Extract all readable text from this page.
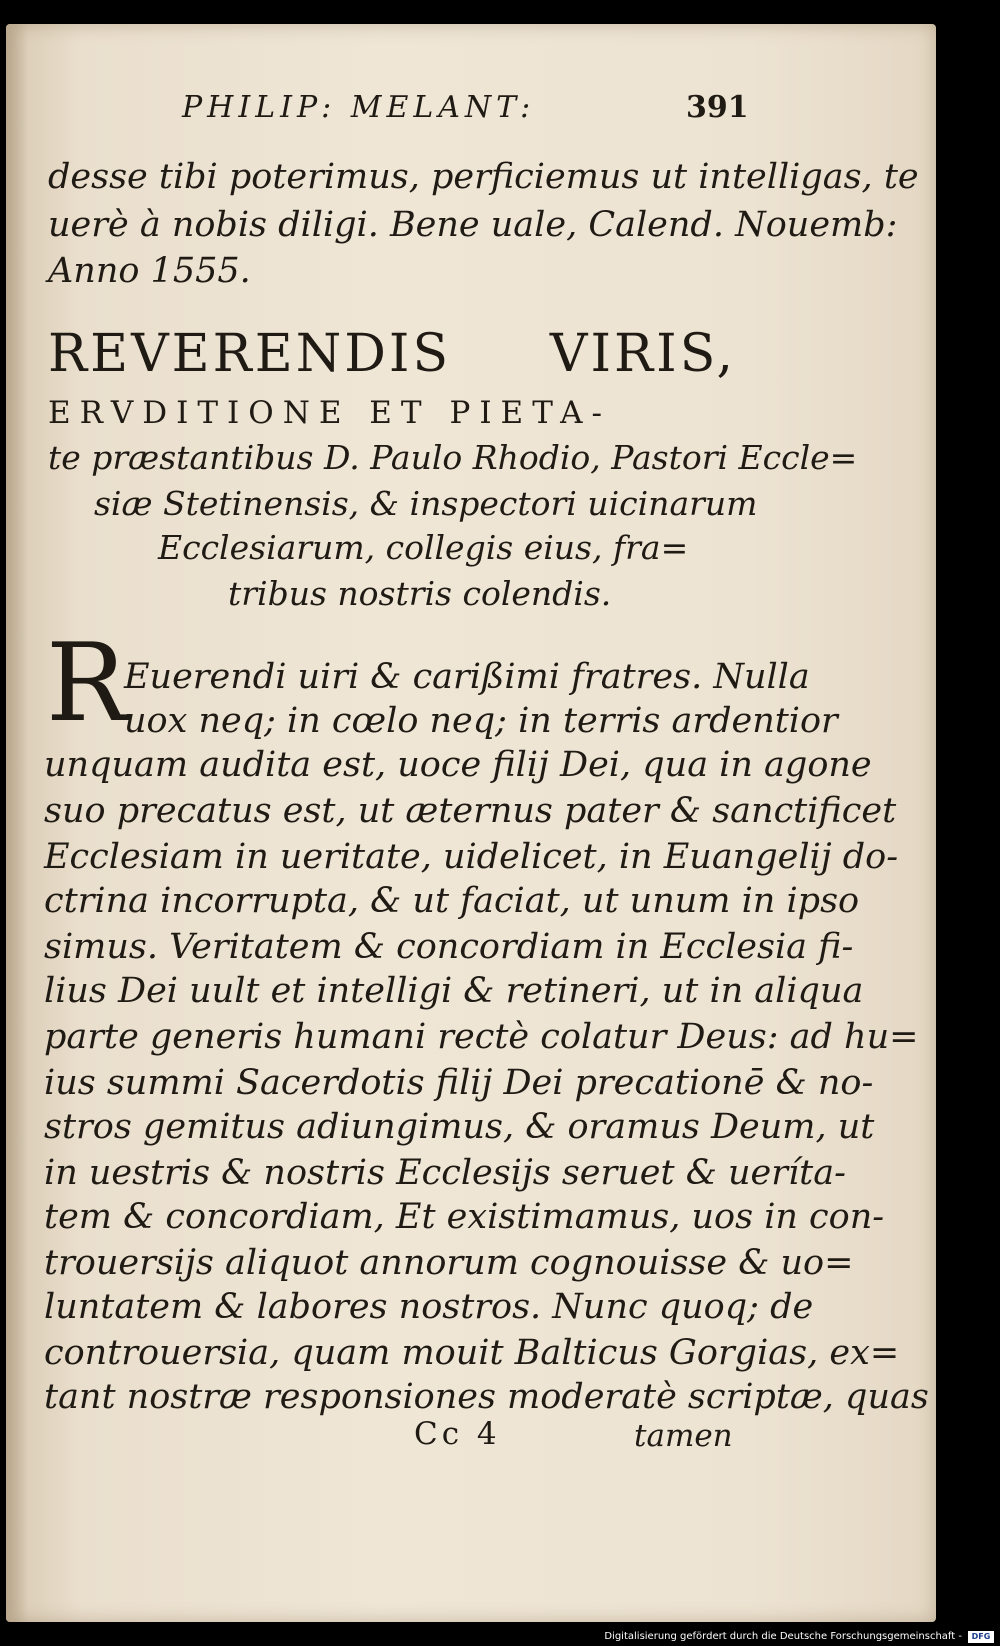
PHILIP: MELANT:	391
desse tibi poterimus, perficiemus ut intelligas, te
uerè à nobis diligi. Bene uale, Calend. Nouemb:
Anno 1555.
REVERENDIS VIRIS,
ERVDITIONE ET PIETA-
te præstantibus D. Paulo Rhodio, Pastori Eccle=
siæ Stetinensis, & inspectori uicinarum
Ecclesiarum, collegis eius, fra=
tribus nostris colendis.
R
Euerendi uiri & carißimi fratres. Nulla
uox neq; in cœlo neq; in terris ardentior
unquam audita est, uoce filij Dei, qua in agone
suo precatus est, ut æternus pater & sanctificet
Ecclesiam in ueritate, uidelicet, in Euangelij do-
ctrina incorrupta, & ut faciat, ut unum in ipso
simus. Veritatem & concordiam in Ecclesia fi-
lius Dei uult et intelligi & retineri, ut in aliqua
parte generis humani rectè colatur Deus: ad hu=
ius summi Sacerdotis filij Dei precationē & no-
stros gemitus adiungimus, & oramus Deum, ut
in uestris & nostris Ecclesijs seruet & ueríta-
tem & concordiam, Et existimamus, uos in con-
trouersijs aliquot annorum cognouisse & uo=
luntatem & labores nostros. Nunc quoq; de
controuersia, quam mouit Balticus Gorgias, ex=
tant nostræ responsiones moderatè scriptæ, quas
Cc 4	tamen
Digitalisierung gefördert durch die Deutsche Forschungsgemeinschaft -	DFG
